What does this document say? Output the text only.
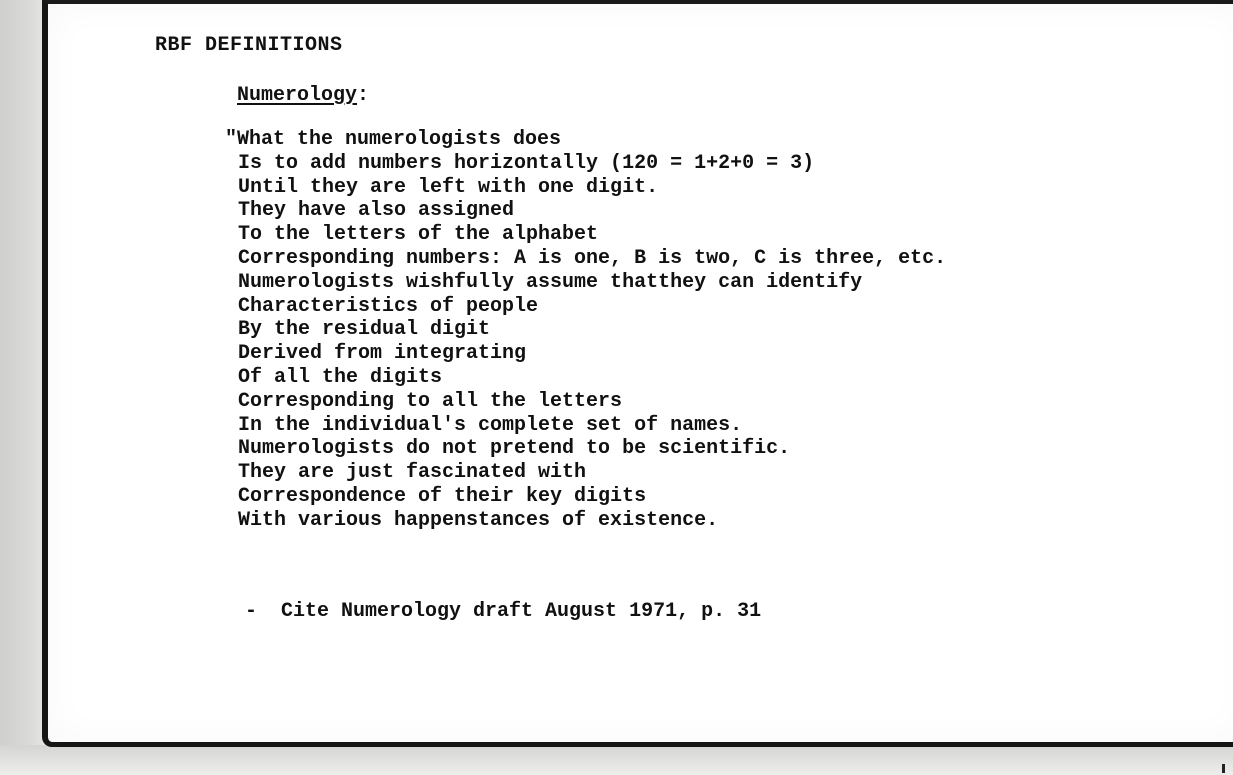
RBF DEFINITIONS
Numerology:
"What the numerologists does
Is to add numbers horizontally (120 = 1+2+0 = 3)
Until they are left with one digit.
They have also assigned
To the letters of the alphabet
Corresponding numbers: A is one, B is two, C is three, etc.
Numerologists wishfully assume thatthey can identify
Characteristics of people
By the residual digit
Derived from integrating
Of all the digits
Corresponding to all the letters
In the individual's complete set of names.
Numerologists do not pretend to be scientific.
They are just fascinated with
Correspondence of their key digits
With various happenstances of existence.

-  Cite Numerology draft August 1971, p. 31
